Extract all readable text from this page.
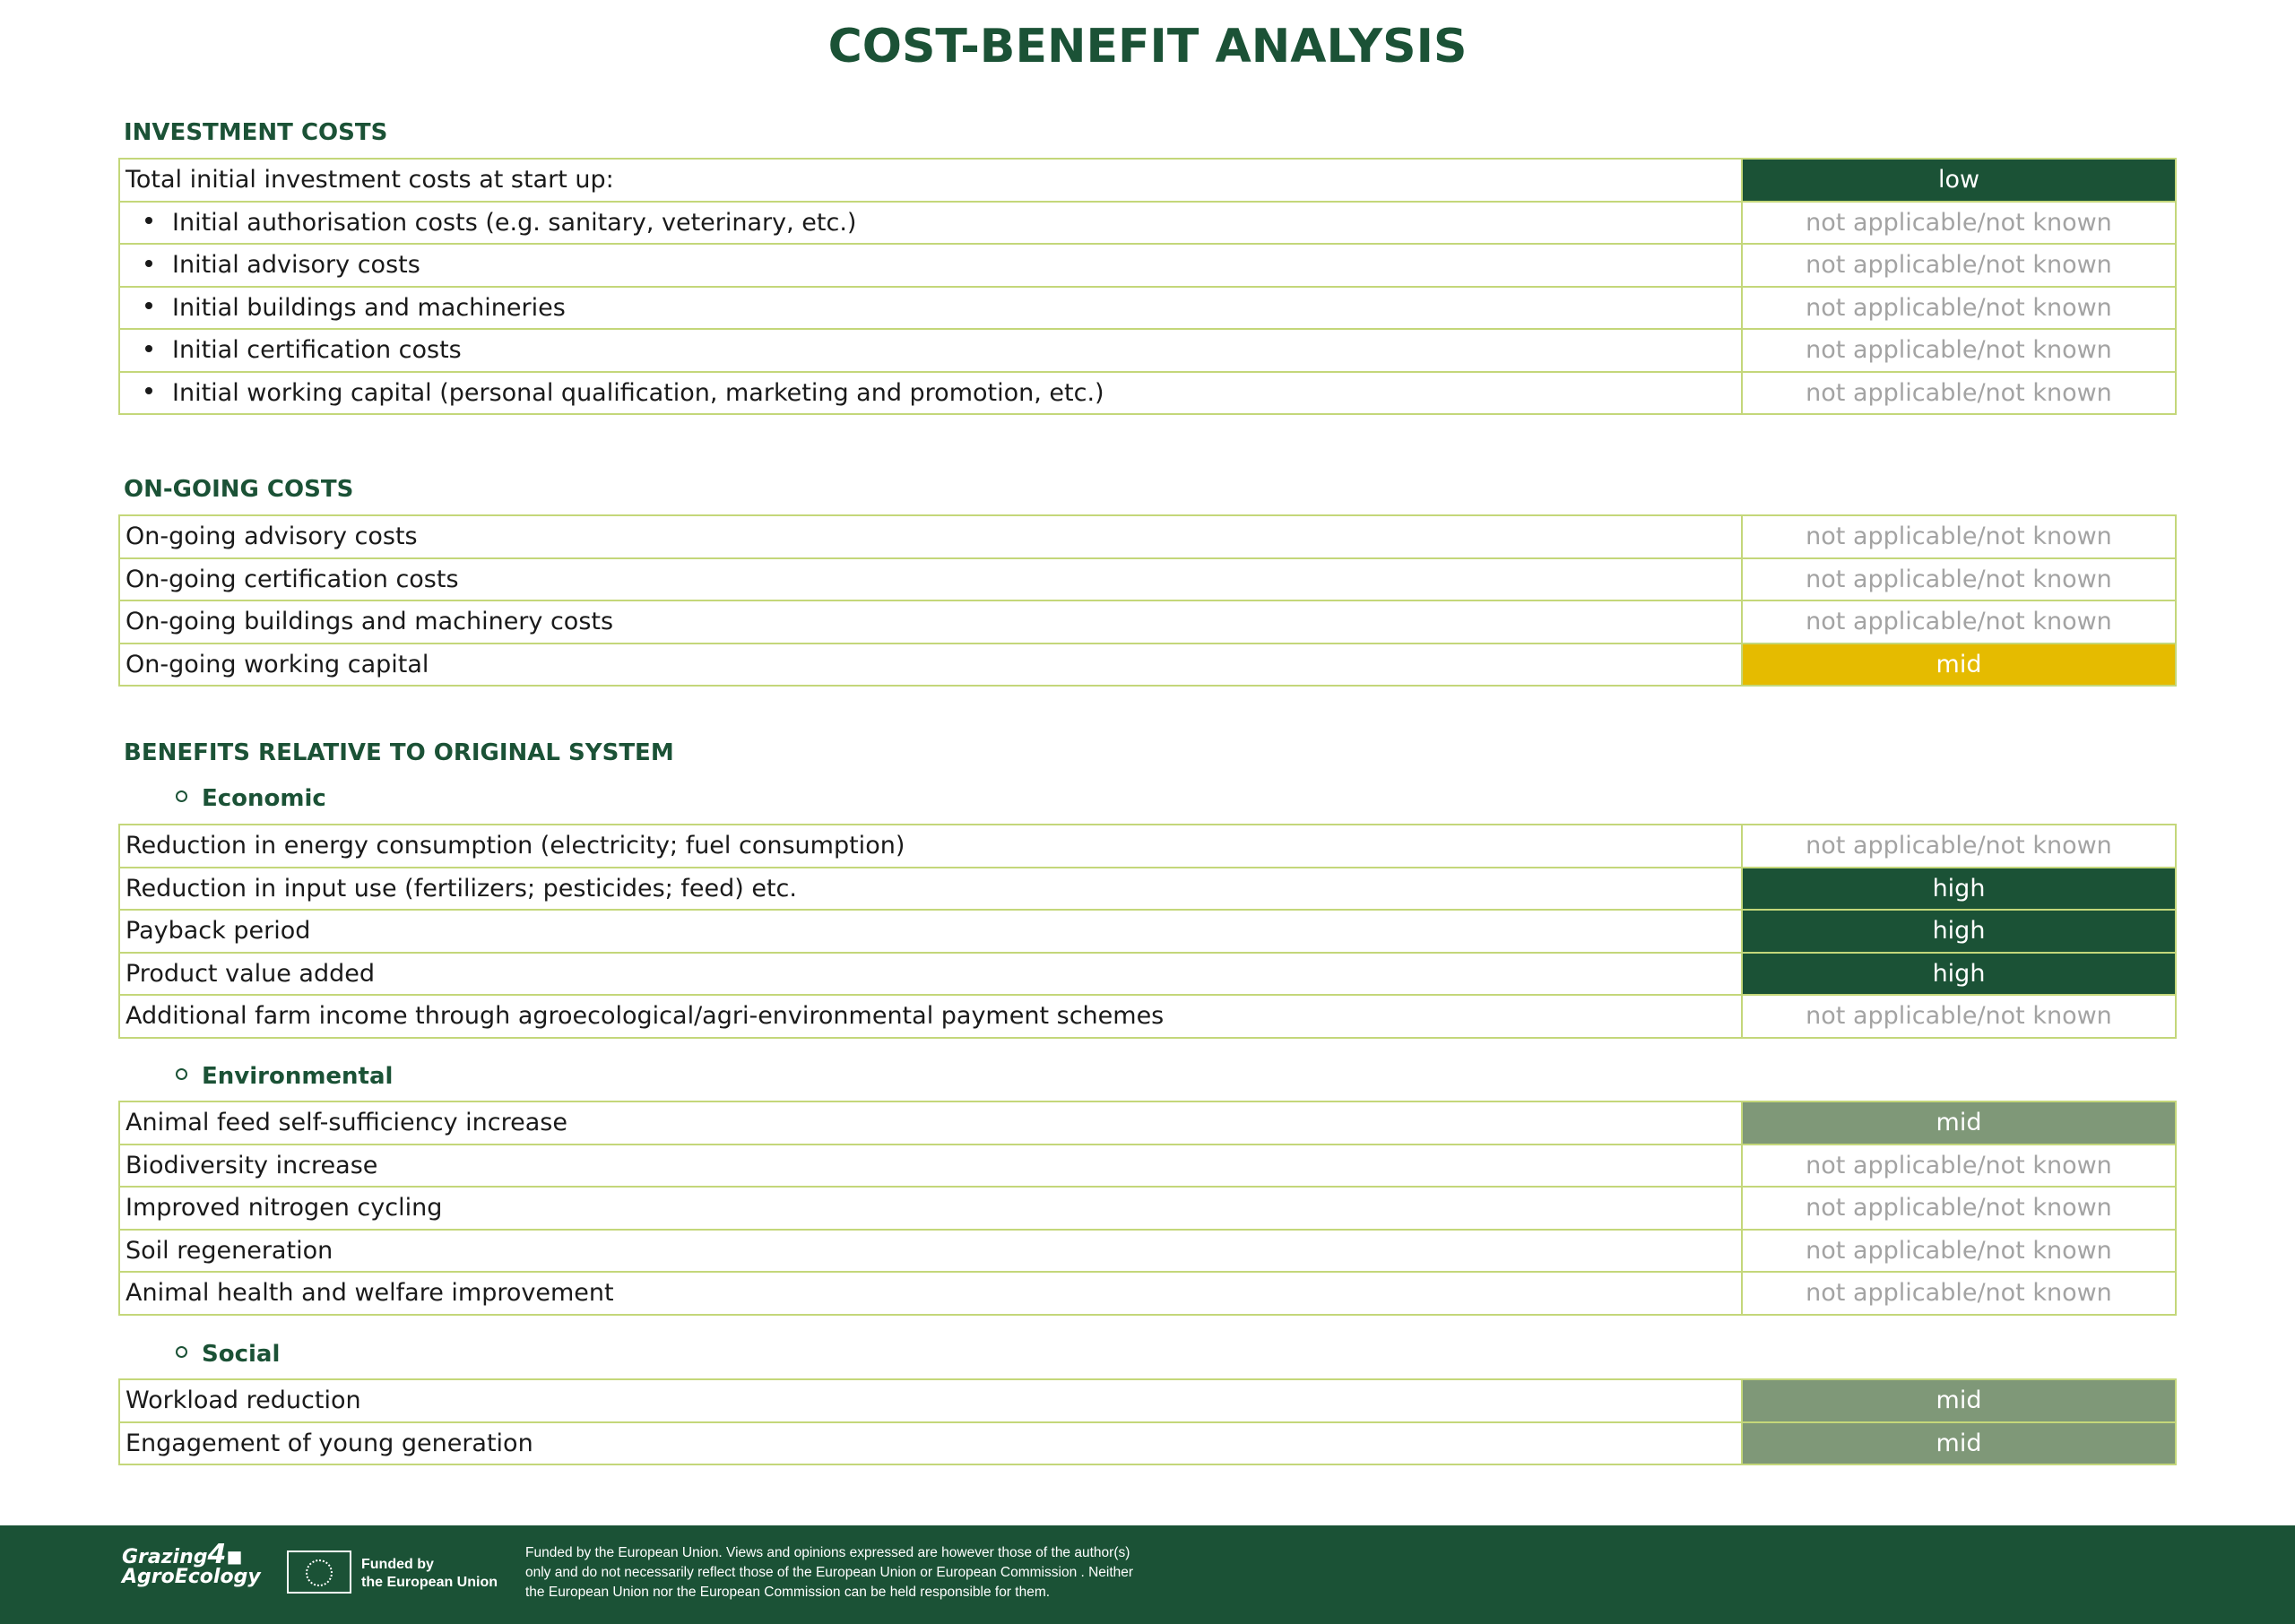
COST-BENEFIT ANALYSIS
INVESTMENT COSTS
Total initial investment costs at start up:	low
Initial authorisation costs (e.g. sanitary, veterinary, etc.)	not applicable/not known
Initial advisory costs	not applicable/not known
Initial buildings and machineries	not applicable/not known
Initial certification costs	not applicable/not known
Initial working capital (personal qualification, marketing and promotion, etc.)	not applicable/not known
ON-GOING COSTS
On-going advisory costs	not applicable/not known
On-going certification costs	not applicable/not known
On-going buildings and machinery costs	not applicable/not known
On-going working capital	mid
BENEFITS RELATIVE TO ORIGINAL SYSTEM
Economic
Reduction in energy consumption (electricity; fuel consumption)	not applicable/not known
Reduction in input use (fertilizers; pesticides; feed) etc.	high
Payback period	high
Product value added	high
Additional farm income through agroecological/agri-environmental payment schemes	not applicable/not known
Environmental
Animal feed self-sufficiency increase	mid
Biodiversity increase	not applicable/not known
Improved nitrogen cycling	not applicable/not known
Soil regeneration	not applicable/not known
Animal health and welfare improvement	not applicable/not known
Social
Workload reduction	mid
Engagement of young generation	mid
Grazing4◼
AgroEcology
Funded by
the European Union
Funded by the European Union. Views and opinions expressed are however those of the author(s)
only and do not necessarily reflect those of the European Union or European Commission . Neither
the European Union nor the European Commission can be held responsible for them.
